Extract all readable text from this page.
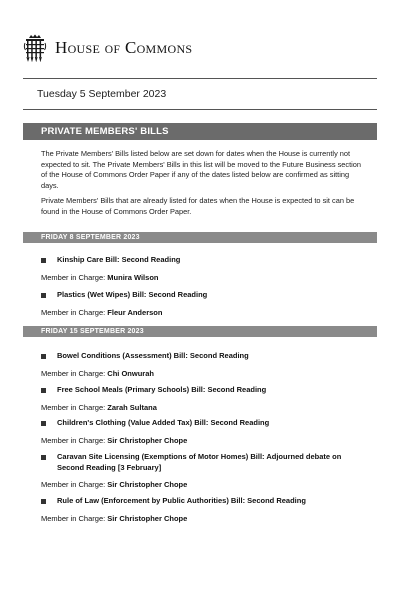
House OF Commons
Tuesday 5 September 2023
PRIVATE MEMBERS' BILLS

The Private Members' Bills listed below are set down for dates when the House is currently not expected to sit. The Private Members' Bills in this list will be moved to the Future Business section of the House of Commons Order Paper if any of the dates listed below are confirmed as sitting days.

Private Members' Bills that are already listed for dates when the House is expected to sit can be found in the House of Commons Order Paper.

FRIDAY 8 SEPTEMBER 2023
Kinship Care Bill: Second Reading
Member in Charge: Munira Wilson
Plastics (Wet Wipes) Bill: Second Reading
Member in Charge: Fleur Anderson
FRIDAY 15 SEPTEMBER 2023
Bowel Conditions (Assessment) Bill: Second Reading
Member in Charge: Chi Onwurah
Free School Meals (Primary Schools) Bill: Second Reading
Member in Charge: Zarah Sultana
Children's Clothing (Value Added Tax) Bill: Second Reading
Member in Charge: Sir Christopher Chope
Caravan Site Licensing (Exemptions of Motor Homes) Bill: Adjourned debate on Second Reading [3 February]
Member in Charge: Sir Christopher Chope
Rule of Law (Enforcement by Public Authorities) Bill: Second Reading
Member in Charge: Sir Christopher Chope
